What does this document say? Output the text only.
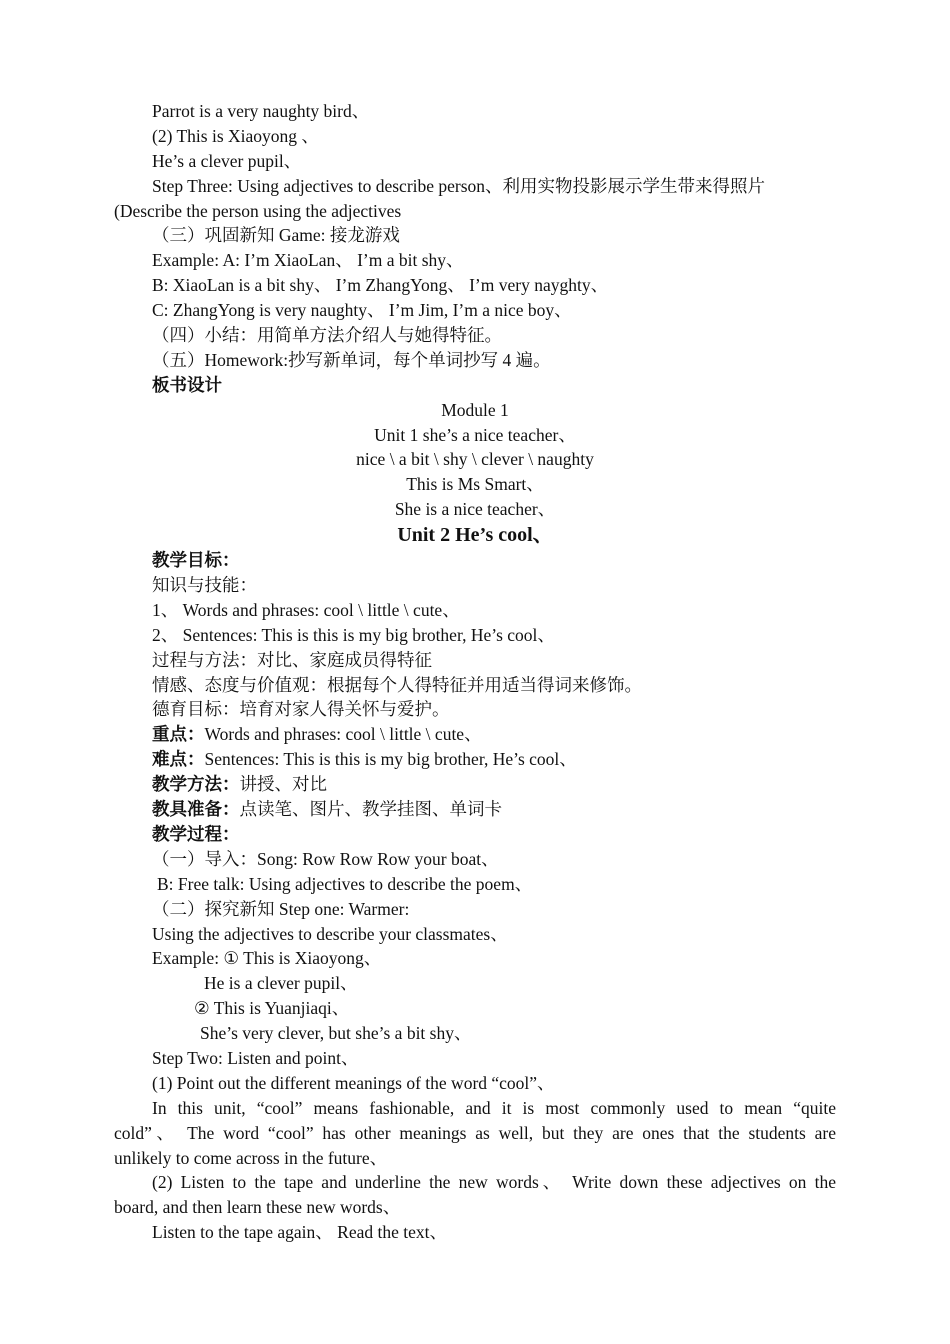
Parrot is a very naughty bird、
(2) This is Xiaoyong 、
He’s a clever pupil、
Step Three: Using adjectives to describe person、利用实物投影展示学生带来得照片
(Describe the person using the adjectives
（三）巩固新知 Game: 接龙游戏
Example: A: I’m XiaoLan、 I’m a bit shy、
B: XiaoLan is a bit shy、 I’m ZhangYong、 I’m very nayghty、
C: ZhangYong is very naughty、 I’m Jim, I’m a nice boy、
（四）小结：用简单方法介绍人与她得特征。
（五）Homework:抄写新单词，每个单词抄写 4 遍。
板书设计
Module 1
Unit 1 she’s a nice teacher、
nice \ a bit \ shy \ clever \ naughty
This is Ms Smart、
She is a nice teacher、
Unit 2 He’s cool、
教学目标：
知识与技能：
1、 Words and phrases: cool \ little \ cute、
2、 Sentences: This is this is my big brother, He’s cool、
过程与方法：对比、家庭成员得特征
情感、态度与价值观：根据每个人得特征并用适当得词来修饰。
德育目标：培育对家人得关怀与爱护。
重点：Words and phrases: cool \ little \ cute、
难点：Sentences: This is this is my big brother, He’s cool、
教学方法：讲授、对比
教具准备：点读笔、图片、教学挂图、单词卡
教学过程：
（一）导入：Song: Row Row Row your boat、
B: Free talk: Using adjectives to describe the poem、
（二）探究新知 Step one: Warmer:
Using the adjectives to describe your classmates、
Example: ① This is Xiaoyong、
He is a clever pupil、
② This is Yuanjiaqi、
She’s very clever, but she’s a bit shy、
Step Two: Listen and point、
(1) Point out the different meanings of the word “cool”、
In this unit, “cool” means fashionable, and it is most commonly used to mean “quite
cold”、 The word “cool” has other meanings as well, but they are ones that the students are
unlikely to come across in the future、
(2) Listen to the tape and underline the new words、 Write down these adjectives on the
board, and then learn these new words、
Listen to the tape again、 Read the text、
